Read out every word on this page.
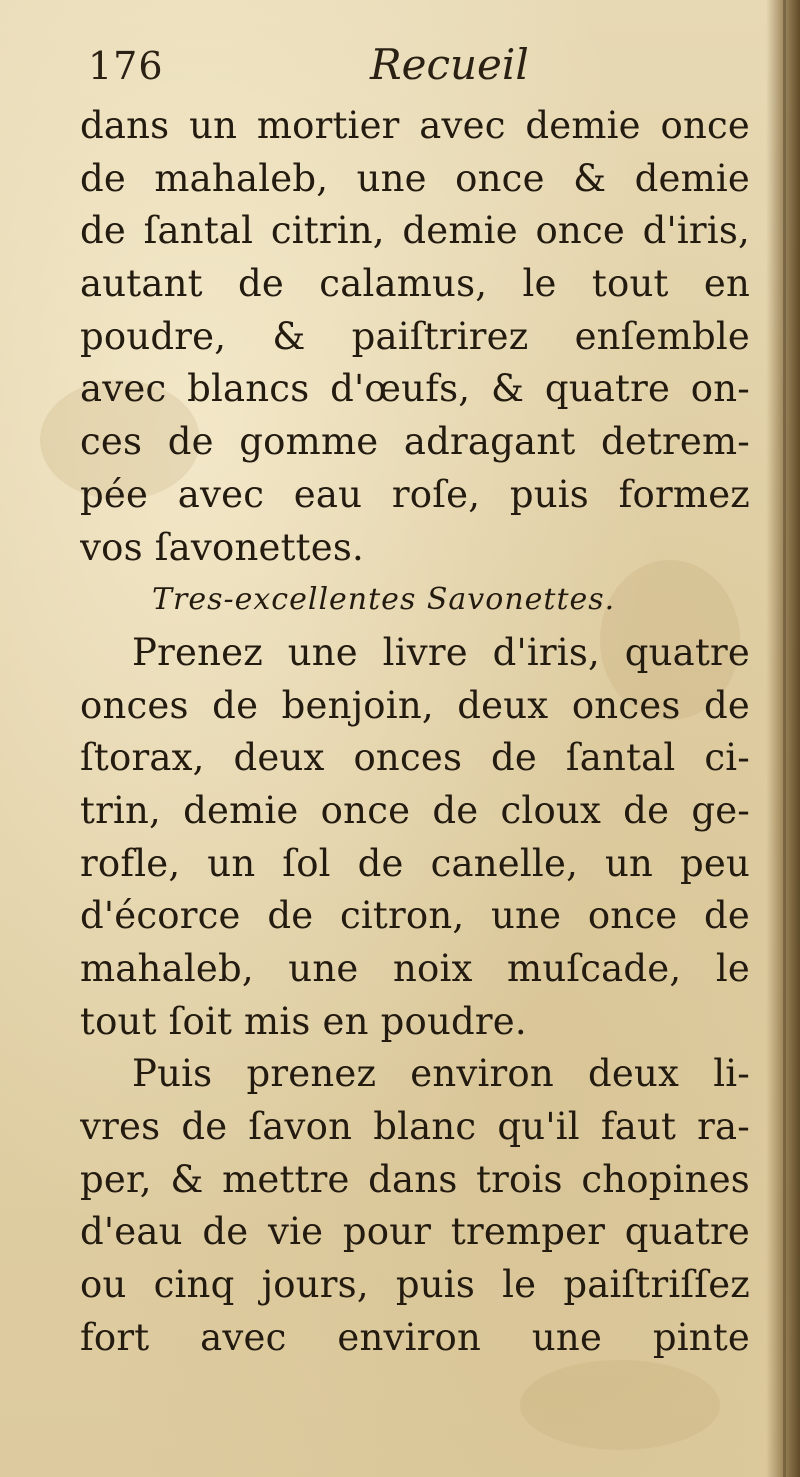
176	Recueil
dans un mortier avec demie once
de mahaleb, une once & demie
de ſantal citrin, demie once d'iris,
autant de calamus, le tout en
poudre, & paiſtrirez enſemble
avec blancs d'œufs, & quatre on-
ces de gomme adragant detrem-
pée avec eau roſe, puis formez
vos ſavonettes.
Tres-excellentes Savonettes.
Prenez une livre d'iris, quatre
onces de benjoin, deux onces de
ſtorax, deux onces de ſantal ci-
trin, demie once de cloux de ge-
rofle, un ſol de canelle, un peu
d'écorce de citron, une once de
mahaleb, une noix muſcade, le
tout ſoit mis en poudre.
Puis prenez environ deux li-
vres de ſavon blanc qu'il faut ra-
per, & mettre dans trois chopines
d'eau de vie pour tremper quatre
ou cinq jours, puis le paiſtriſſez
fort avec environ une pinte
